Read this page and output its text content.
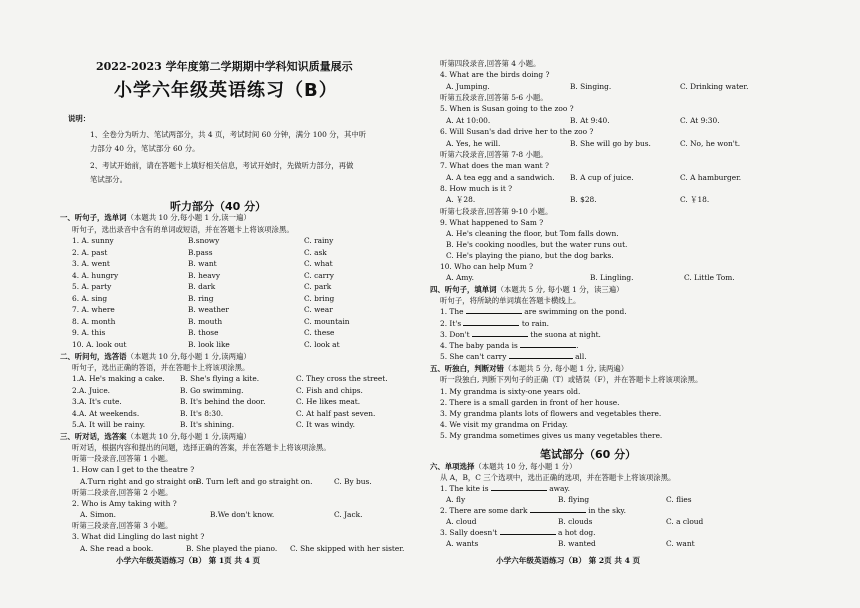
2022-2023 学年度第二学期期中学科知识质量展示
小学六年级英语练习（B）
说明：
1、全卷分为听力、笔试两部分，共 4 页，考试时间 60 分钟，满分 100 分，其中听
力部分 40 分，笔试部分 60 分。
2、考试开始前，请在答题卡上填好相关信息，考试开始时，先做听力部分，再做
笔试部分。
听力部分（40 分）
一、听句子，选单词（本题共 10 分,每小题 1 分,读一遍）
听句子，选出录音中含有的单词或短语，并在答题卡上将该项涂黑。
1. A. sunny	B.snowy	C. rainy
2. A. past	B.pass	C. ask
3. A. went	B. want	C. what
4. A. hungry	B. heavy	C. carry
5. A. party	B. dark	C. park
6. A. sing	B. ring	C. bring
7. A. where	B. weather	C. wear
8. A. month	B. mouth	C. mountain
9. A. this	B. those	C. these
10. A. look out	B. look like	C. look at
二、听问句，选答语（本题共 10 分,每小题 1 分,读两遍）
听句子，选出正确的答语，并在答题卡上将该项涂黑。
1.A. He's making a cake. B. She's flying a kite.	C. They cross the street.
2.A. Juice.	B. Go swimming.	C. Fish and chips.
3.A. It's cute.	B. It's behind the door.	C. He likes meat.
4.A. At weekends.	B. It's 8:30.	C. At half past seven.
5.A. It will be rainy.	B. It's shining.	C. It was windy.
三、听对话，选答案（本题共 10 分,每小题 1 分,读两遍）
听对话，根据内容和提出的问题，选择正确的答案，并在答题卡上将该项涂黑。
听第一段录音,回答第 1 小题。
1. How can I get to the theatre ?
A.Turn right and go straight on.
B. Turn left and go straight on.	C. By bus.
听第二段录音,回答第 2 小题。
2. Who is Amy taking with ?
A. Simon.	B.We don't know.	C. Jack.
听第三段录音,回答第 3 小题。
3. What did Lingling do last night ?
A. She read a book.	B. She played the piano. C. She skipped with her sister.
小学六年级英语练习（B） 第 1页 共 4 页
听第四段录音,回答第 4 小题。
4. What are the birds doing ?
A. Jumping.	B. Singing.	C. Drinking water.
听第五段录音,回答第 5-6 小题。
5. When is Susan going to the zoo ?
A. At 10:00.	B. At 9:40.	C. At 9:30.
6. Will Susan's dad drive her to the zoo ?
A. Yes, he will.	B. She will go by bus.	C. No, he won't.
听第六段录音,回答第 7-8 小题。
7. What does the man want ?
A. A tea egg and a sandwich. B. A cup of juice.	C. A hamburger.
8. How much is it ?
A. ￥28.	B. $28.	C. ￥18.
听第七段录音,回答第 9-10 小题。
9. What happened to Sam ?
A. He's cleaning the floor, but Tom falls down.
B. He's cooking noodles, but the water runs out.
C. He's playing the piano, but the dog barks.
10. Who can help Mum ?
A. Amy.	B. Lingling.	C. Little Tom.
四、听句子，填单词（本题共 5 分, 每小题 1 分，读三遍）
听句子，将所缺的单词填在答题卡横线上。
1. The	are swimming on the pond.
2. It's	to rain.
3. Don't	the suona at night.
4. The baby panda is	.
5. She can't carry	all.
五、听独白，判断对错（本题共 5 分, 每小题 1 分, 读两遍）
听一段独白, 判断下列句子的正确（T）或错误（F），并在答题卡上将该项涂黑。
1. My grandma is sixty-one years old.
2. There is a small garden in front of her house.
3. My grandma plants lots of flowers and vegetables there.
4. We visit my grandma on Friday.
5. My grandma sometimes gives us many vegetables there.
笔试部分（60 分）
六、单项选择（本题共 10 分, 每小题 1 分）
从 A，B，C 三个选项中，选出正确的选项，并在答题卡上将该项涂黑。
1. The kite is	away.
A. fly	B. flying	C. flies
2. There are some dark	in the sky.
A. cloud	B. clouds	C. a cloud
3. Sally doesn't	a hot dog.
A. wants	B. wanted	C. want
小学六年级英语练习（B） 第 2页 共 4 页
